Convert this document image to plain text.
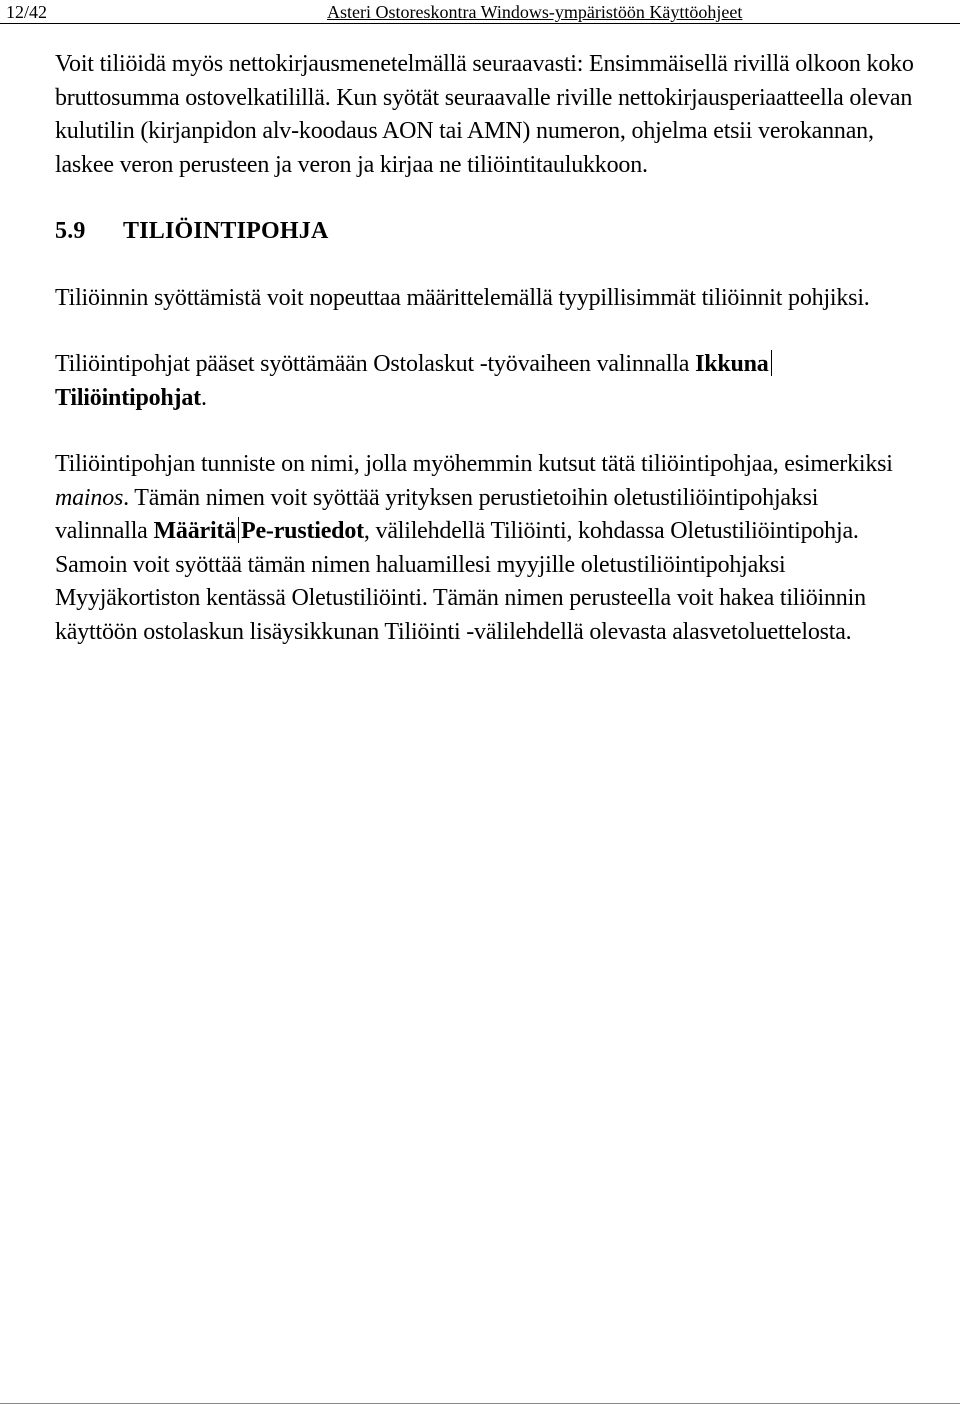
12/42	Asteri Ostoreskontra Windows-ympäristöön Käyttöohjeet

Voit tiliöidä myös nettokirjausmenetelmällä seuraavasti: Ensimmäisellä rivillä olkoon koko bruttosumma ostovelkatilillä. Kun syötät seuraavalle riville nettokirjausperiaatteella olevan kulutilin (kirjanpidon alv-koodaus AON tai AMN) numeron, ohjelma etsii verokannan, laskee veron perusteen ja veron ja kirjaa ne tiliöintitaulukkoon.

5.9 TILIÖINTIPOHJA

Tiliöinnin syöttämistä voit nopeuttaa määrittelemällä tyypillisimmät tiliöinnit pohjiksi.

Tiliöintipohjat pääset syöttämään Ostolaskut -työvaiheen valinnalla IkkunaTiliöintipohjat.

Tiliöintipohjan tunniste on nimi, jolla myöhemmin kutsut tätä tiliöintipohjaa, esimerkiksi mainos. Tämän nimen voit syöttää yrityksen perustietoihin oletustiliöintipohjaksi valinnalla Määritä Pe-rustiedot, välilehdellä Tiliöinti, kohdassa Oletustiliöintipohja. Samoin voit syöttää tämän nimen haluamillesi myyjille oletustiliöintipohjaksi Myyjäkortiston kentässä Oletustiliöinti. Tämän nimen perusteella voit hakea tiliöinnin käyttöön ostolaskun lisäysikkunan Tiliöinti -välilehdellä olevasta alasvetoluettelosta.
